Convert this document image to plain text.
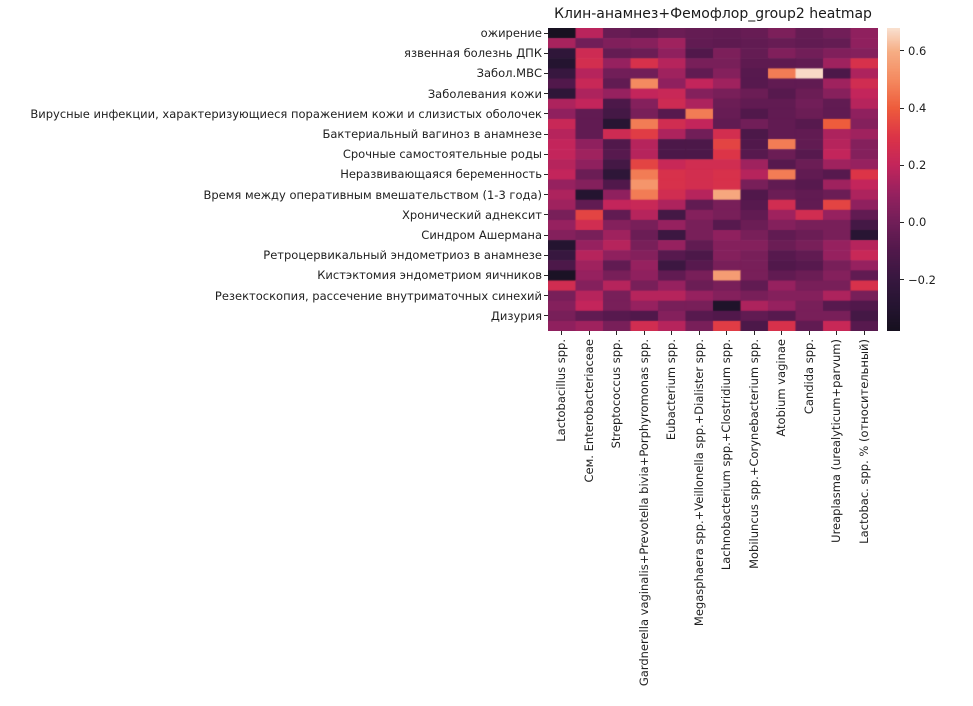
Клин-анамнез+Фемофлор_group2 heatmap
ожирение
язвенная болезнь ДПК
Забол.МВС
Заболевания кожи
Вирусные инфекции, характеризующиеся поражением кожи и слизистых оболочек
Бактериальный вагиноз в анамнезе
Срочные самостоятельные роды
Неразвивающаяся беременность
Время между оперативным вмешательством (1-3 года)
Хронический аднексит
Синдром Ашермана
Ретроцервикальный эндометриоз в анамнезе
Кистэктомия эндометриом яичников
Резектоскопия, рассечение внутриматочных синехий
Дизурия
Lactobacillus spp. Сем. Enterobacteriaceae Streptococcus spp. Gardnerella vaginalis+Prevotella bivia+Porphyromonas spp. Eubacterium spp. Megasphaera spp.+Veillonella spp.+Dialister spp. Lachnobacterium spp.+Clostridium spp. Mobiluncus spp.+Corynebacterium spp. Atobium vaginae Candida spp. Ureaplasma (urealyticum+parvum) Lactobac. spp. % (относительный)
0.6
0.4
0.2
0.0
−0.2
